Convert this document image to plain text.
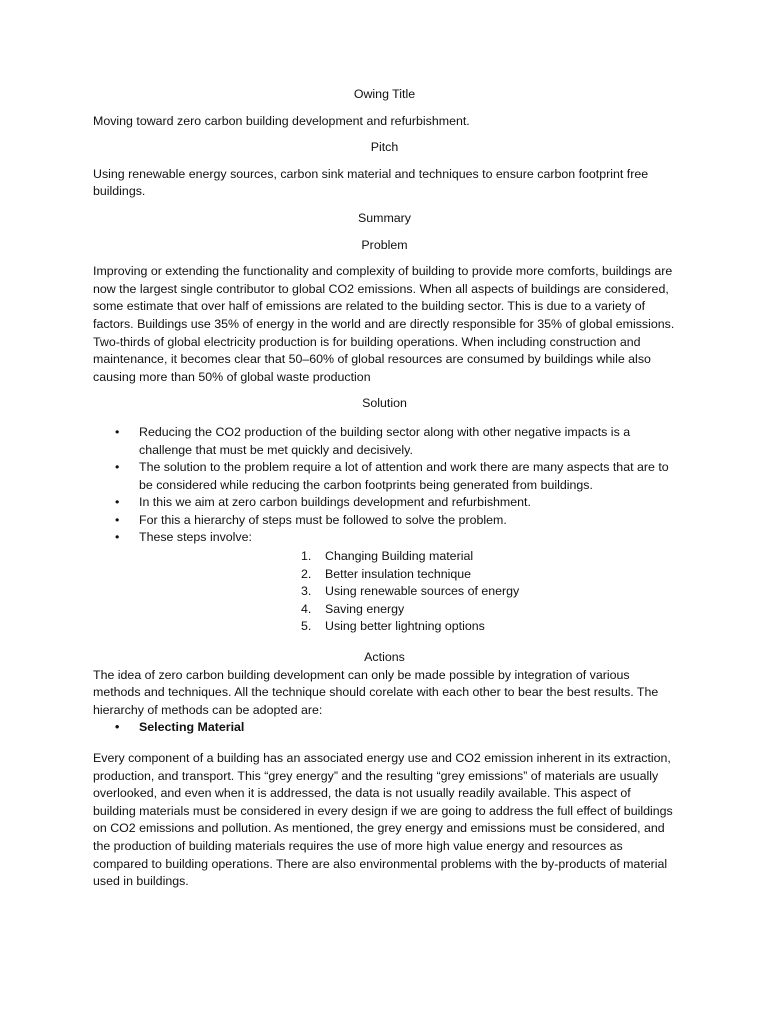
Owing Title

Moving toward zero carbon building development and refurbishment.

Pitch

Using renewable energy sources, carbon sink material and techniques to ensure carbon footprint free buildings.

Summary

Problem

Improving or extending the functionality and complexity of building to provide more comforts, buildings are now the largest single contributor to global CO2 emissions. When all aspects of buildings are considered, some estimate that over half of emissions are related to the building sector. This is due to a variety of factors. Buildings use 35% of energy in the world and are directly responsible for 35% of global emissions. Two-thirds of global electricity production is for building operations. When including construction and maintenance, it becomes clear that 50–60% of global resources are consumed by buildings while also causing more than 50% of global waste production

Solution

• Reducing the CO2 production of the building sector along with other negative impacts is a challenge that must be met quickly and decisively.
• The solution to the problem require a lot of attention and work there are many aspects that are to be considered while reducing the carbon footprints being generated from buildings.
• In this we aim at zero carbon buildings development and refurbishment.
• For this a hierarchy of steps must be followed to solve the problem.
• These steps involve:
1. Changing Building material
2. Better insulation technique
3. Using renewable sources of energy
4. Saving energy
5. Using better lightning options

Actions

The idea of zero carbon building development can only be made possible by integration of various methods and techniques. All the technique should corelate with each other to bear the best results. The hierarchy of methods can be adopted are:

• Selecting Material

Every component of a building has an associated energy use and CO2 emission inherent in its extraction, production, and transport. This “grey energy” and the resulting “grey emissions” of materials are usually overlooked, and even when it is addressed, the data is not usually readily available. This aspect of building materials must be considered in every design if we are going to address the full effect of buildings on CO2 emissions and pollution. As mentioned, the grey energy and emissions must be considered, and the production of building materials requires the use of more high value energy and resources as compared to building operations. There are also environmental problems with the by-products of material used in buildings.
